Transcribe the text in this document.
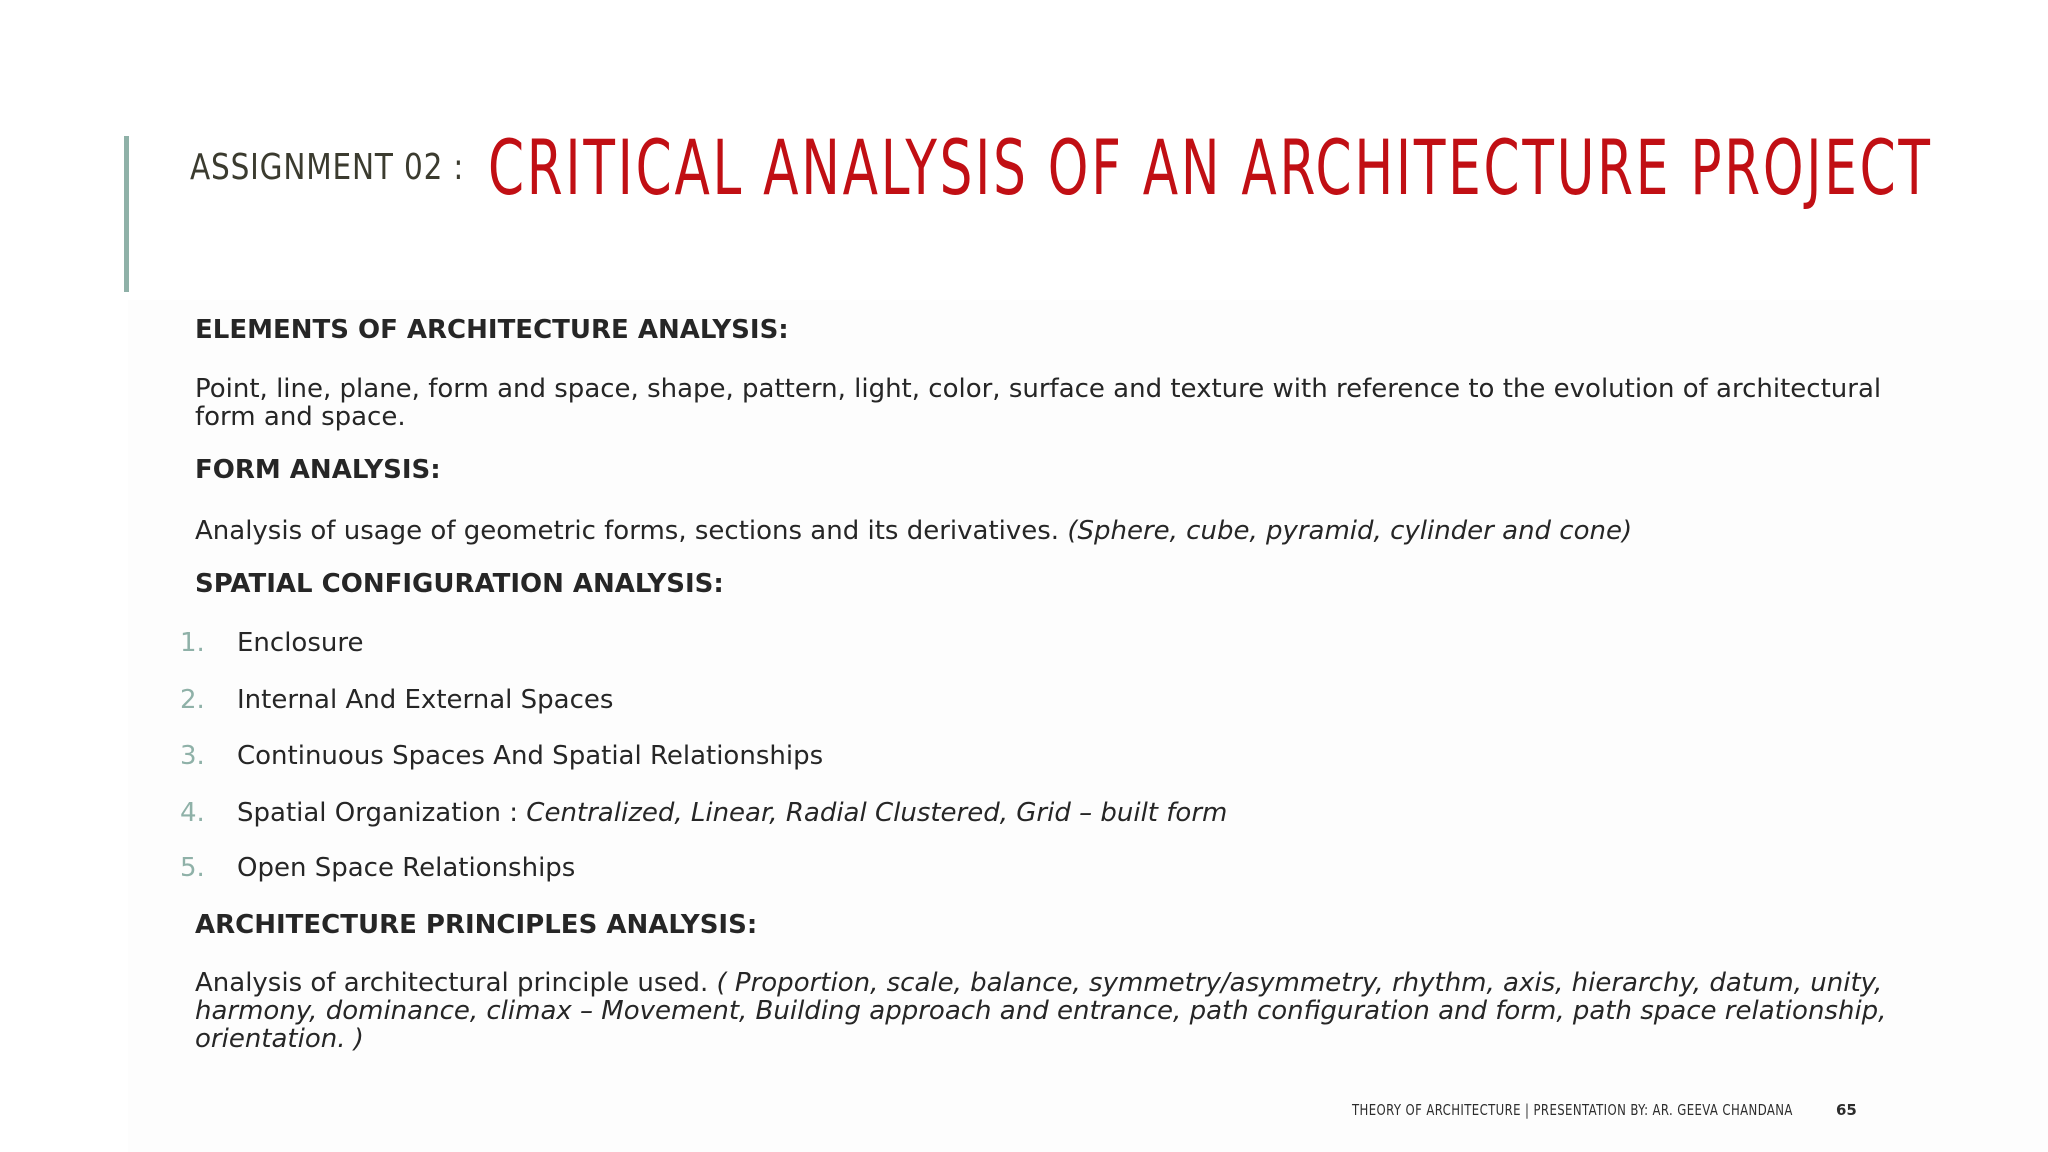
ASSIGNMENT 02 : CRITICAL ANALYSIS OF AN ARCHITECTURE PROJECT
ELEMENTS OF ARCHITECTURE ANALYSIS:
Point, line, plane, form and space, shape, pattern, light, color, surface and texture with reference to the evolution of architectural form and space.
FORM ANALYSIS:
Analysis of usage of geometric forms, sections and its derivatives. (Sphere, cube, pyramid, cylinder and cone)
SPATIAL CONFIGURATION ANALYSIS:
1. Enclosure
2. Internal And External Spaces
3. Continuous Spaces And Spatial Relationships
4. Spatial Organization : Centralized, Linear, Radial Clustered, Grid – built form
5. Open Space Relationships
ARCHITECTURE PRINCIPLES ANALYSIS:
Analysis of architectural principle used. ( Proportion, scale, balance, symmetry/asymmetry, rhythm, axis, hierarchy, datum, unity, harmony, dominance, climax – Movement, Building approach and entrance, path configuration and form, path space relationship, orientation. )
THEORY OF ARCHITECTURE | PRESENTATION BY: AR. GEEVA CHANDANA	65
